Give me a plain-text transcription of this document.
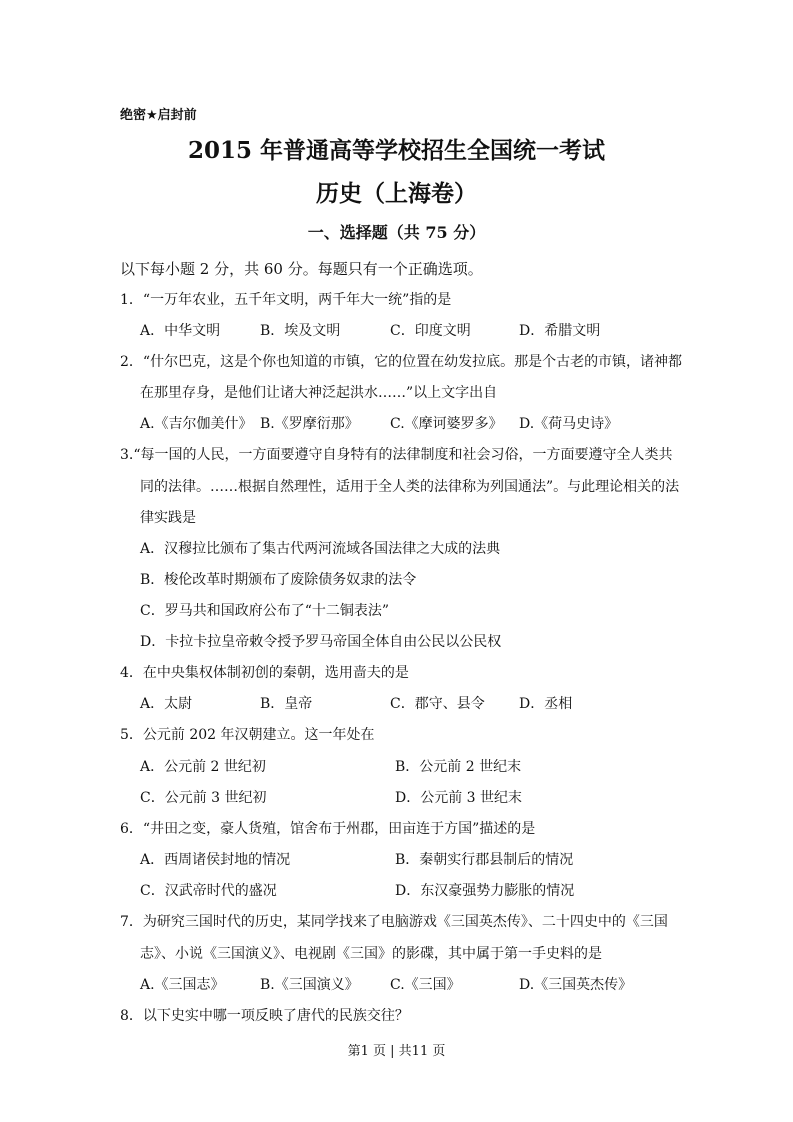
绝密★启封前
2015 年普通高等学校招生全国统一考试
历史（上海卷）
一、选择题（共 75 分）
以下每小题 2 分，共 60 分。每题只有一个正确选项。
1．“一万年农业，五千年文明，两千年大一统”指的是
A．中华文明	B．埃及文明	C．印度文明	D．希腊文明
2．“什尔巴克，这是个你也知道的市镇，它的位置在幼发拉底。那是个古老的市镇，诸神都
在那里存身，是他们让诸大神泛起洪水……”以上文字出自
A.《吉尔伽美什》 B.《罗摩衍那》 C.《摩诃婆罗多》 D.《荷马史诗》
3.“每一国的人民，一方面要遵守自身特有的法律制度和社会习俗，一方面要遵守全人类共
同的法律。……根据自然理性，适用于全人类的法律称为列国通法”。与此理论相关的法
律实践是
A．汉穆拉比颁布了集古代两河流域各国法律之大成的法典
B．梭伦改革时期颁布了废除债务奴隶的法令
C．罗马共和国政府公布了“十二铜表法”
D．卡拉卡拉皇帝敕令授予罗马帝国全体自由公民以公民权
4．在中央集权体制初创的秦朝，选用啬夫的是
A．太尉	B．皇帝	C．郡守、县令 D．丞相
5．公元前 202 年汉朝建立。这一年处在
A．公元前 2 世纪初	B．公元前 2 世纪末
C．公元前 3 世纪初	D．公元前 3 世纪末
6．“井田之变，豪人货殖，馆舍布于州郡，田亩连于方国”描述的是
A．西周诸侯封地的情况	B．秦朝实行郡县制后的情况
C．汉武帝时代的盛况	D．东汉豪强势力膨胀的情况
7．为研究三国时代的历史，某同学找来了电脑游戏《三国英杰传》、二十四史中的《三国
志》、小说《三国演义》、电视剧《三国》的影碟，其中属于第一手史料的是
A.《三国志》	B.《三国演义》 C.《三国》	D.《三国英杰传》
8．以下史实中哪一项反映了唐代的民族交往？
第1 页 | 共11 页
